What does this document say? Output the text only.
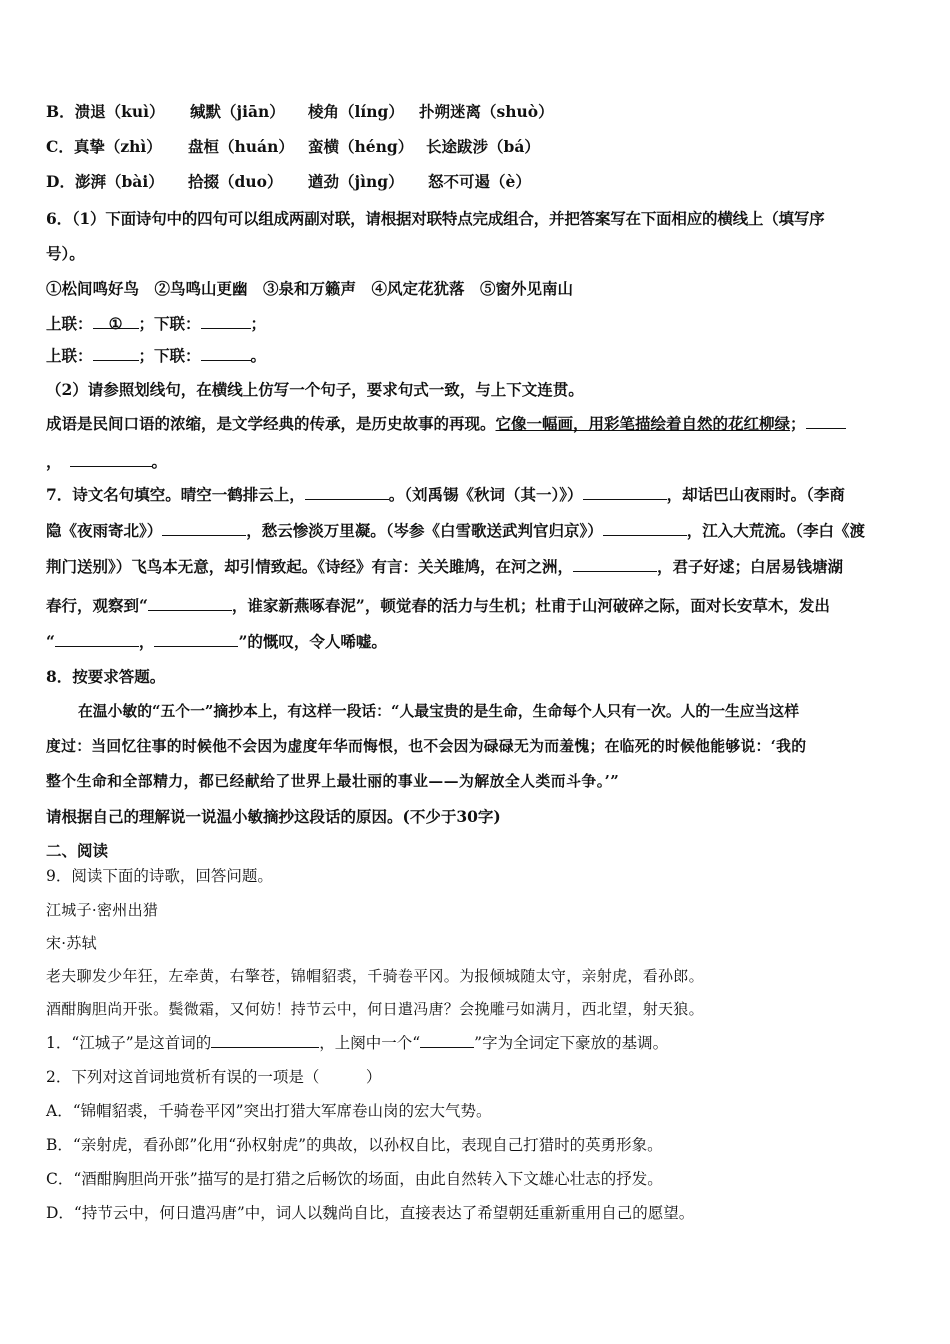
B．溃退（kuì） 缄默（jiān） 棱角（líng） 扑朔迷离（shuò）
C．真挚（zhì） 盘桓（huán） 蛮横（héng） 长途跋涉（bá）
D．澎湃（bài） 拾掇（duo） 遒劲（jìng） 怒不可遏（è）
6．（1）下面诗句中的四句可以组成两副对联，请根据对联特点完成组合，并把答案写在下面相应的横线上（填写序
号）。
①松间鸣好鸟　②鸟鸣山更幽　③泉和万籁声　④风定花犹落　⑤窗外见南山
上联： ① ；下联：	；
上联：	；下联：	。
（2）请参照划线句，在横线上仿写一个句子，要求句式一致，与上下文连贯。
成语是民间口语的浓缩，是文学经典的传承，是历史故事的再现。它像一幅画，用彩笔描绘着自然的花红柳绿；
，	。
7．诗文名句填空。晴空一鹤排云上，	。（刘禹锡《秋词（其一）》）	，却话巴山夜雨时。（李商
隐《夜雨寄北》）	，愁云惨淡万里凝。（岑参《白雪歌送武判官归京》）	，江入大荒流。（李白《渡
荆门送别》）飞鸟本无意，却引情致起。《诗经》有言：关关雎鸠，在河之洲，	，君子好逑；白居易钱塘湖
春行，观察到“	，谁家新燕啄春泥”，顿觉春的活力与生机；杜甫于山河破碎之际，面对长安草木，发出
“	，	”的慨叹，令人唏嘘。
8．按要求答题。
在温小敏的“五个一”摘抄本上，有这样一段话：“人最宝贵的是生命，生命每个人只有一次。人的一生应当这样
度过：当回忆往事的时候他不会因为虚度年华而悔恨，也不会因为碌碌无为而羞愧；在临死的时候他能够说：‘我的
整个生命和全部精力，都已经献给了世界上最壮丽的事业——为解放全人类而斗争。’”
请根据自己的理解说一说温小敏摘抄这段话的原因。(不少于30字)
二、阅读
9．阅读下面的诗歌，回答问题。
江城子·密州出猎
宋·苏轼
老夫聊发少年狂，左牵黄，右擎苍，锦帽貂裘，千骑卷平冈。为报倾城随太守，亲射虎，看孙郎。
酒酣胸胆尚开张。鬓微霜，又何妨！持节云中，何日遣冯唐？会挽雕弓如满月，西北望，射天狼。
1．“江城子”是这首词的	，上阕中一个“	”字为全词定下豪放的基调。
2．下列对这首词地赏析有误的一项是（　　　）
A．“锦帽貂裘，千骑卷平冈”突出打猎大军席卷山岗的宏大气势。
B．“亲射虎，看孙郎”化用“孙权射虎”的典故，以孙权自比，表现自己打猎时的英勇形象。
C．“酒酣胸胆尚开张”描写的是打猎之后畅饮的场面，由此自然转入下文雄心壮志的抒发。
D．“持节云中，何日遣冯唐”中，词人以魏尚自比，直接表达了希望朝廷重新重用自己的愿望。
